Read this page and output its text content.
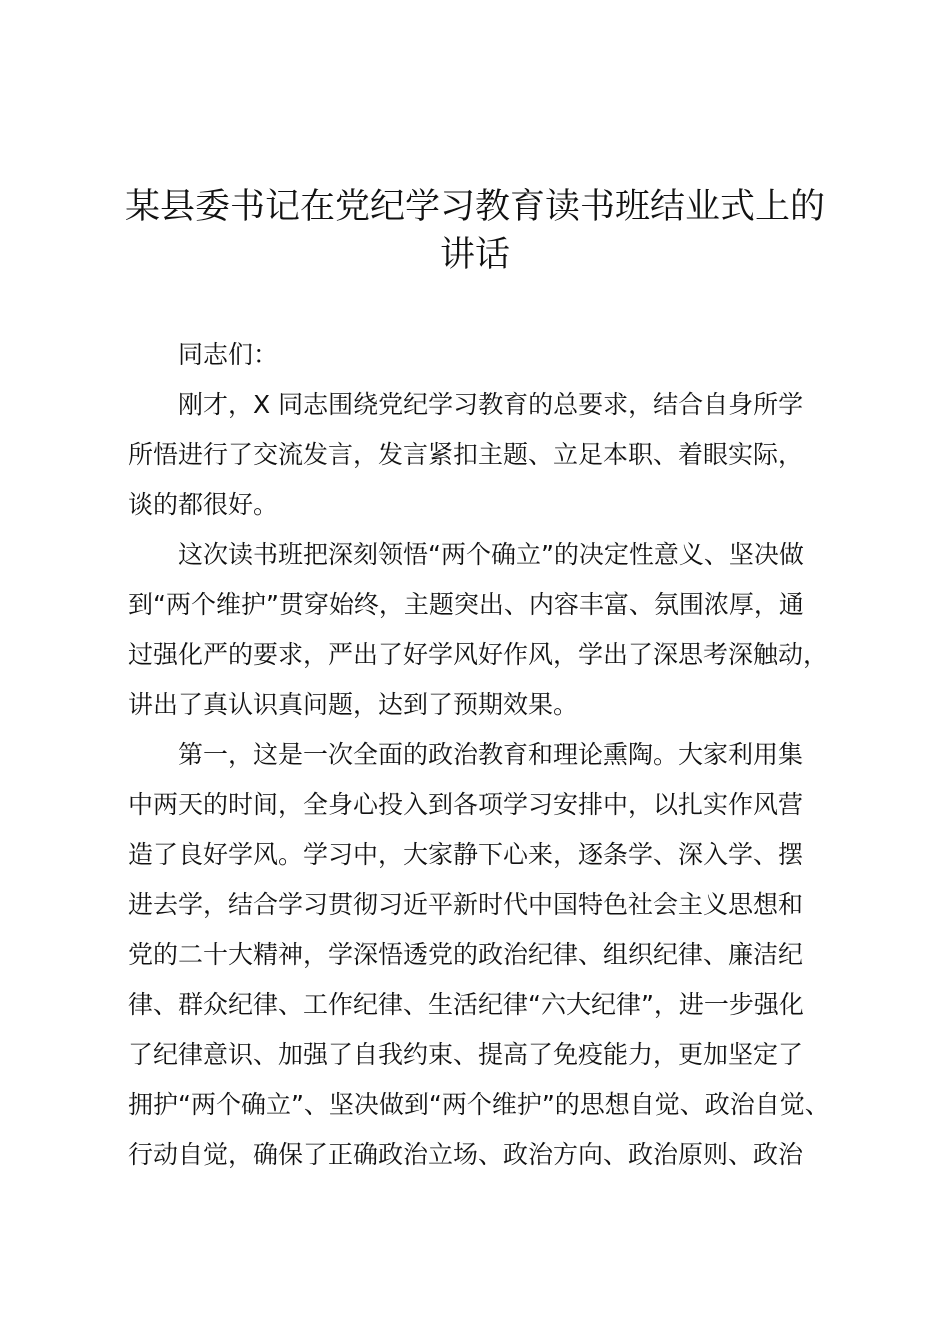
某县委书记在党纪学习教育读书班结业式上的
讲话
同志们：
刚才，X 同志围绕党纪学习教育的总要求，结合自身所学
所悟进行了交流发言，发言紧扣主题、立足本职、着眼实际，
谈的都很好。
这次读书班把深刻领悟“两个确立”的决定性意义、坚决做
到“两个维护”贯穿始终，主题突出、内容丰富、氛围浓厚，通
过强化严的要求，严出了好学风好作风，学出了深思考深触动，
讲出了真认识真问题，达到了预期效果。
第一，这是一次全面的政治教育和理论熏陶。大家利用集
中两天的时间，全身心投入到各项学习安排中，以扎实作风营
造了良好学风。学习中，大家静下心来，逐条学、深入学、摆
进去学，结合学习贯彻习近平新时代中国特色社会主义思想和
党的二十大精神，学深悟透党的政治纪律、组织纪律、廉洁纪
律、群众纪律、工作纪律、生活纪律“六大纪律”，进一步强化
了纪律意识、加强了自我约束、提高了免疫能力，更加坚定了
拥护“两个确立”、坚决做到“两个维护”的思想自觉、政治自觉、
行动自觉，确保了正确政治立场、政治方向、政治原则、政治
